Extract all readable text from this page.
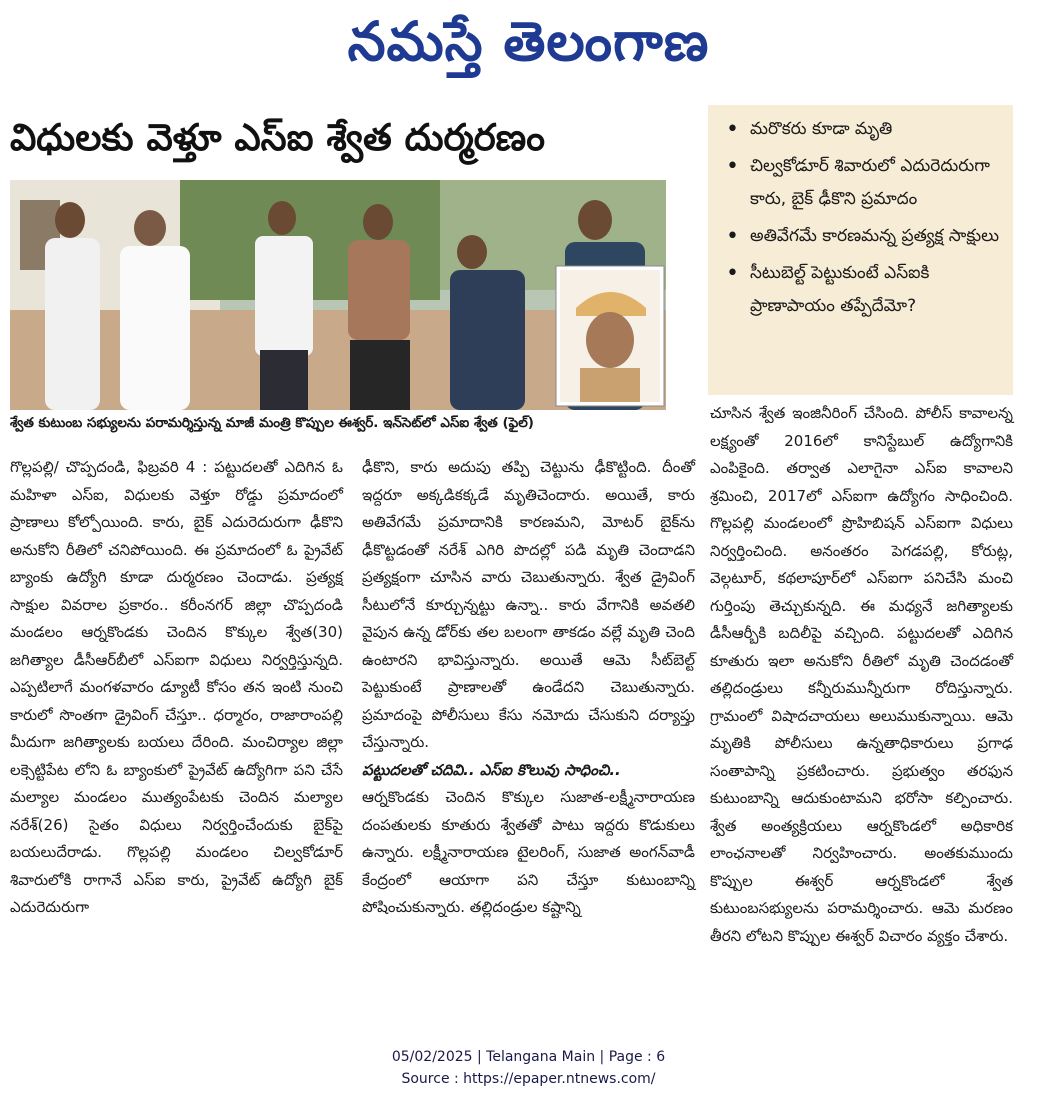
నమస్తే తెలంగాణ
విధులకు వెళ్తూ ఎస్‌ఐ శ్వేత దుర్మరణం
శ్వేత కుటుంబ సభ్యులను పరామర్శిస్తున్న మాజీ మంత్రి కొప్పుల ఈశ్వర్‌. ఇన్‌సెట్‌లో ఎస్‌ఐ శ్వేత (ఫైల్‌)
• మరొకరు కూడా మృతి
• చిల్వకోడూర్‌ శివారులో ఎదురెదురుగా కారు, బైక్‌ ఢీకొని ప్రమాదం
• అతివేగమే కారణమన్న ప్రత్యక్ష సాక్షులు
• సీటుబెల్ట్‌ పెట్టుకుంటే ఎస్‌ఐకి ప్రాణాపాయం తప్పేదేమో?

గొల్లపల్లి/ చొప్పదండి, ఫిబ్రవరి 4 : పట్టుదలతో ఎదిగిన ఓ మహిళా ఎస్‌ఐ, విధులకు వెళ్తూ రోడ్డు ప్రమాదంలో ప్రాణాలు కోల్పోయింది. కారు, బైక్‌ ఎదురెదురుగా ఢీకొని అనుకోని రీతిలో చనిపోయింది. ఈ ప్రమాదంలో ఓ ప్రైవేట్‌ బ్యాంకు ఉద్యోగి కూడా దుర్మరణం చెందాడు. ప్రత్యక్ష సాక్షుల వివరాల ప్రకారం.. కరీంనగర్‌ జిల్లా చొప్పదండి మండలం ఆర్నకొండకు చెందిన కొక్కుల శ్వేత(30) జగిత్యాల డీసీఆర్‌బీలో ఎస్‌ఐగా విధులు నిర్వర్తిస్తున్నది. ఎప్పటిలాగే మంగళవారం డ్యూటీ కోసం తన ఇంటి నుంచి కారులో సొంతగా డ్రైవింగ్‌ చేస్తూ.. ధర్మారం, రాజారాంపల్లి మీదుగా జగిత్యాలకు బయలు దేరింది. మంచిర్యాల జిల్లా లక్సెట్టిపేట లోని ఓ బ్యాంకులో ప్రైవేట్‌ ఉద్యోగిగా పని చేసే మల్యాల మండలం ముత్యంపేటకు చెందిన మల్యాల నరేశ్‌(26) సైతం విధులు నిర్వర్తించేందుకు బైక్‌పై బయలుదేరాడు. గొల్లపల్లి మండలం చిల్వకోడూర్‌ శివారులోకి రాగానే ఎస్‌ఐ కారు, ప్రైవేట్‌ ఉద్యోగి బైక్‌ ఎదురెదురుగా

ఢీకొని, కారు అదుపు తప్పి చెట్టును ఢీకొట్టింది. దీంతో ఇద్దరూ అక్కడికక్కడే మృతిచెందారు. అయితే, కారు అతివేగమే ప్రమాదానికి కారణమని, మోటర్‌ బైక్‌ను ఢీకొట్టడంతో నరేశ్‌ ఎగిరి పొదల్లో పడి మృతి చెందాడని ప్రత్యక్షంగా చూసిన వారు చెబుతున్నారు. శ్వేత డ్రైవింగ్‌ సీటులోనే కూర్చున్నట్టు ఉన్నా.. కారు వేగానికి అవతలి వైపున ఉన్న డోర్‌కు తల బలంగా తాకడం వల్లే మృతి చెంది ఉంటారని భావిస్తున్నారు. అయితే ఆమె సీట్‌బెల్ట్‌ పెట్టుకుంటే ప్రాణాలతో ఉండేదని చెబుతున్నారు. ప్రమాదంపై పోలీసులు కేసు నమోదు చేసుకుని దర్యాప్తు చేస్తున్నారు.

పట్టుదలతో చదివి.. ఎస్‌ఐ కొలువు సాధించి..

ఆర్నకొండకు చెందిన కొక్కుల సుజాత-లక్ష్మీనారాయణ దంపతులకు కూతురు శ్వేతతో పాటు ఇద్దరు కొడుకులు ఉన్నారు. లక్ష్మీనారాయణ టైలరింగ్‌, సుజాత అంగన్‌వాడీ కేంద్రంలో ఆయాగా పని చేస్తూ కుటుంబాన్ని పోషించుకున్నారు. తల్లిదండ్రుల కష్టాన్ని

చూసిన శ్వేత ఇంజినీరింగ్‌ చేసింది. పోలీస్‌ కావాలన్న లక్ష్యంతో 2016లో కానిస్టేబుల్‌ ఉద్యోగానికి ఎంపికైంది. తర్వాత ఎలాగైనా ఎస్‌ఐ కావాలని శ్రమించి, 2017లో ఎస్‌ఐగా ఉద్యోగం సాధించింది. గొల్లపల్లి మండలంలో ప్రొహిబిషన్‌ ఎస్‌ఐగా విధులు నిర్వర్తించింది. అనంతరం పెగడపల్లి, కోరుట్ల, వెల్గటూర్‌, కథలాపూర్‌లో ఎస్‌ఐగా పనిచేసి మంచి గుర్తింపు తెచ్చుకున్నది. ఈ మధ్యనే జగిత్యాలకు డీసీఆర్బీకి బదిలీపై వచ్చింది. పట్టుదలతో ఎదిగిన కూతురు ఇలా అనుకోని రీతిలో మృతి చెందడంతో తల్లిదండ్రులు కన్నీరుమున్నీరుగా రోదిస్తున్నారు. గ్రామంలో విషాదచాయలు అలుముకున్నాయి. ఆమె మృతికి పోలీసులు ఉన్నతాధికారులు ప్రగాఢ సంతాపాన్ని ప్రకటించారు. ప్రభుత్వం తరఫున కుటుంబాన్ని ఆదుకుంటామని భరోసా కల్పించారు. శ్వేత అంత్యక్రియలు ఆర్నకొండలో అధికారిక లాంఛనాలతో నిర్వహించారు. అంతకుముందు కొప్పుల ఈశ్వర్‌ ఆర్నకొండలో శ్వేత కుటుంబసభ్యులను పరామర్శించారు. ఆమె మరణం తీరని లోటని కొప్పుల ఈశ్వర్‌ విచారం వ్యక్తం చేశారు.

05/02/2025 | Telangana Main | Page : 6
Source : https://epaper.ntnews.com/
